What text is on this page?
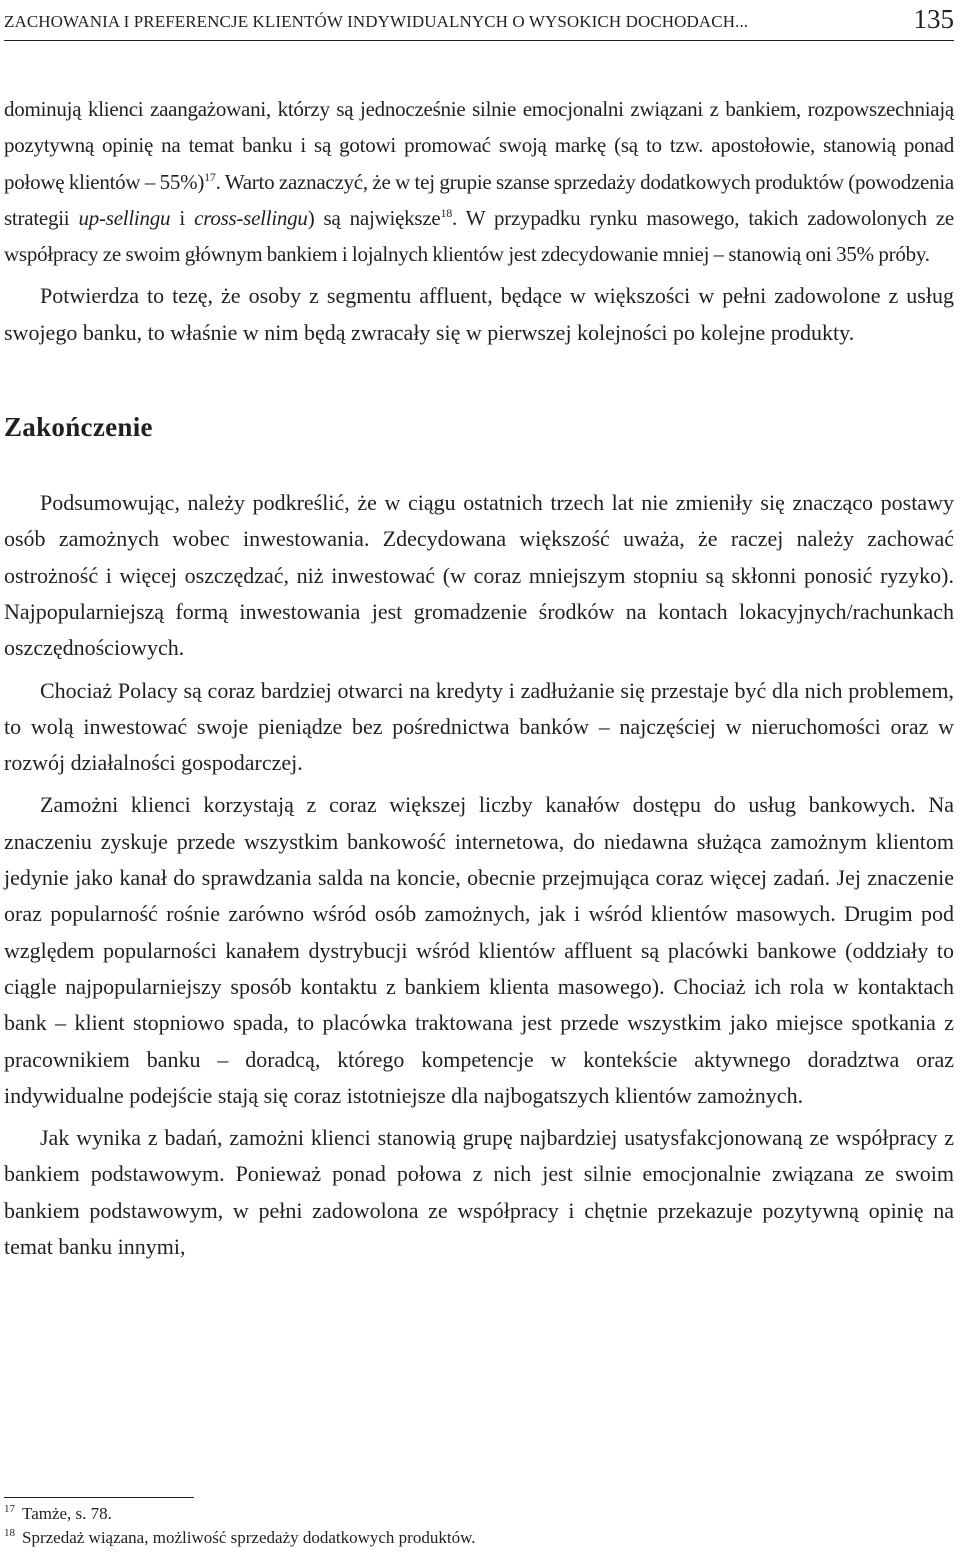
ZACHOWANIA I PREFERENCJE KLIENTÓW INDYWIDUALNYCH O WYSOKICH DOCHODACH...	135

dominują klienci zaangażowani, którzy są jednocześnie silnie emocjonalni związani z bankiem, rozpowszechniają pozytywną opinię na temat banku i są gotowi promować swoją markę (są to tzw. apostołowie, stanowią ponad połowę klientów – 55%)$^{17}$. Warto zaznaczyć, że w tej grupie szanse sprzedaży dodatkowych produktów (powodzenia strategii up-sellingu i cross-sellingu) są największe$^{18}$. W przypadku rynku masowego, takich zadowolonych ze współpracy ze swoim głównym bankiem i lojalnych klientów jest zdecydowanie mniej – stanowią oni 35% próby.

Potwierdza to tezę, że osoby z segmentu affluent, będące w większości w pełni zadowolone z usług swojego banku, to właśnie w nim będą zwracały się w pierwszej kolejności po kolejne produkty.

Zakończenie

Podsumowując, należy podkreślić, że w ciągu ostatnich trzech lat nie zmieniły się znacząco postawy osób zamożnych wobec inwestowania. Zdecydowana większość uważa, że raczej należy zachować ostrożność i więcej oszczędzać, niż inwestować (w coraz mniejszym stopniu są skłonni ponosić ryzyko). Najpopularniejszą formą inwestowania jest gromadzenie środków na kontach lokacyjnych/rachunkach oszczędnościowych.

Chociaż Polacy są coraz bardziej otwarci na kredyty i zadłużanie się przestaje być dla nich problemem, to wolą inwestować swoje pieniądze bez pośrednictwa banków – najczęściej w nieruchomości oraz w rozwój działalności gospodarczej.

Zamożni klienci korzystają z coraz większej liczby kanałów dostępu do usług bankowych. Na znaczeniu zyskuje przede wszystkim bankowość internetowa, do niedawna służąca zamożnym klientom jedynie jako kanał do sprawdzania salda na koncie, obecnie przejmująca coraz więcej zadań. Jej znaczenie oraz popularność rośnie zarówno wśród osób zamożnych, jak i wśród klientów masowych. Drugim pod względem popularności kanałem dystrybucji wśród klientów affluent są placówki bankowe (oddziały to ciągle najpopularniejszy sposób kontaktu z bankiem klienta masowego). Chociaż ich rola w kontaktach bank – klient stopniowo spada, to placówka traktowana jest przede wszystkim jako miejsce spotkania z pracownikiem banku – doradcą, którego kompetencje w kontekście aktywnego doradztwa oraz indywidualne podejście stają się coraz istotniejsze dla najbogatszych klientów zamożnych.

Jak wynika z badań, zamożni klienci stanowią grupę najbardziej usatysfakcjonowaną ze współpracy z bankiem podstawowym. Ponieważ ponad połowa z nich jest silnie emocjonalnie związana ze swoim bankiem podstawowym, w pełni zadowolona ze współpracy i chętnie przekazuje pozytywną opinię na temat banku innymi,

17 Tamże, s. 78.
18 Sprzedaż wiązana, możliwość sprzedaży dodatkowych produktów.
